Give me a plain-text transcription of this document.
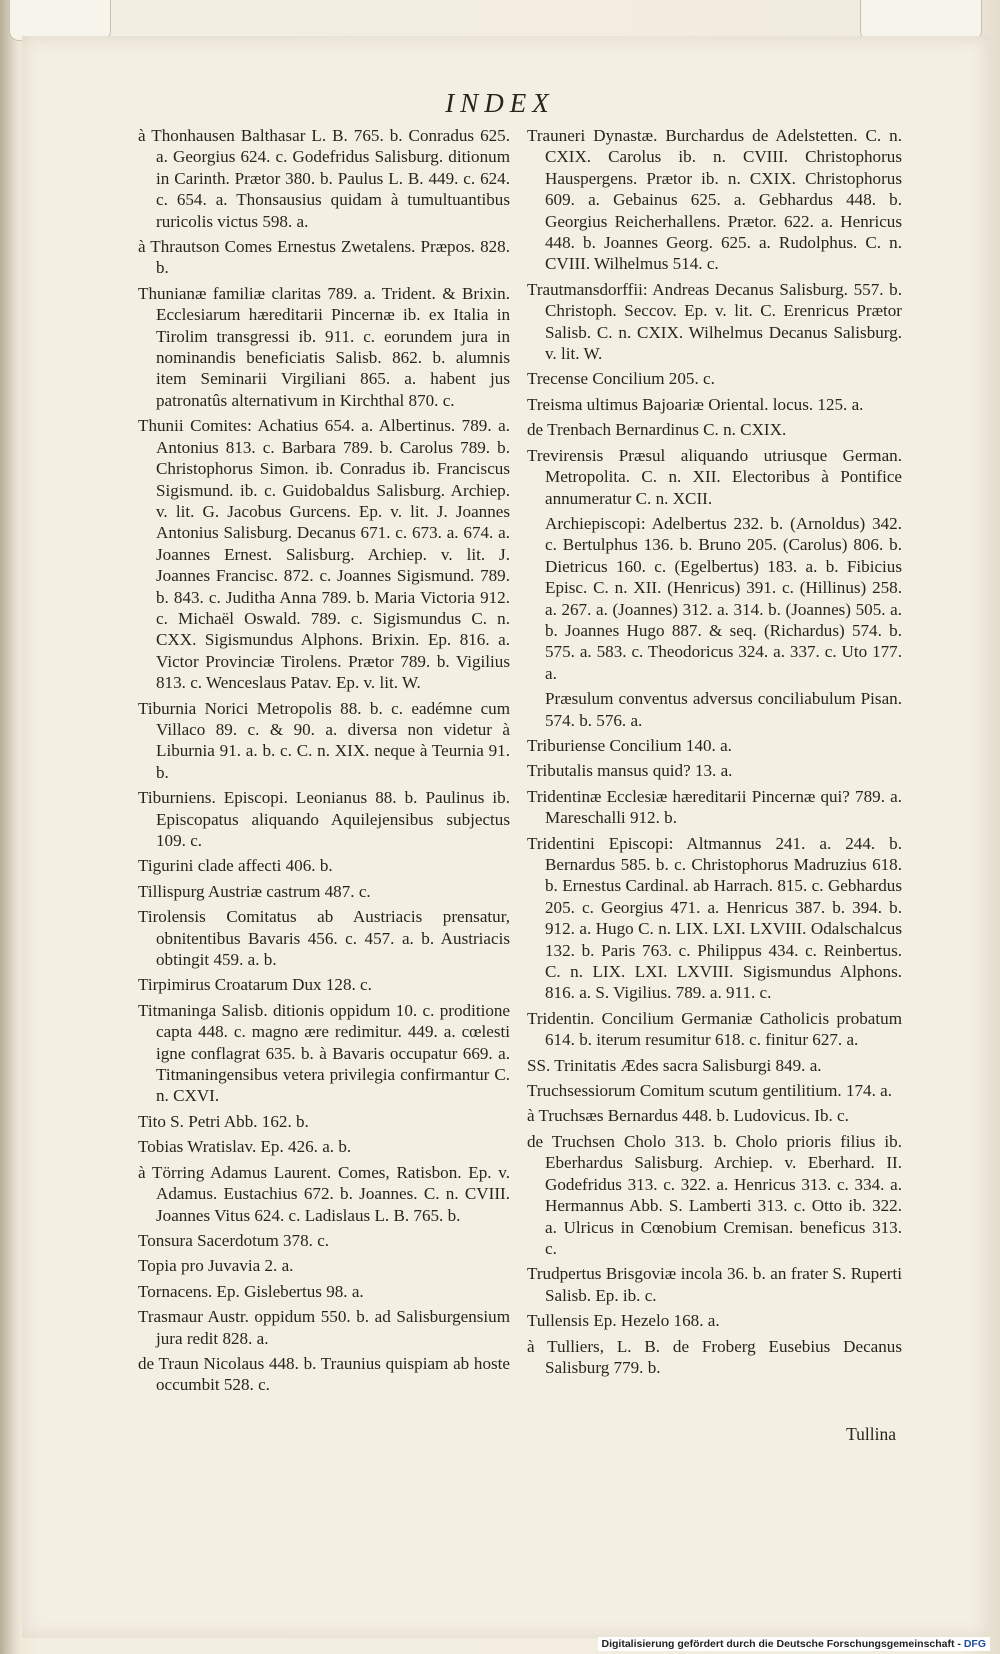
INDEX

à Thonhausen Balthasar L. B. 765. b. Conradus 625. a. Georgius 624. c. Godefridus Salisburg. ditionum in Carinth. Prætor 380. b. Paulus L. B. 449. c. 624. c. 654. a. Thonsausius quidam à tumultuantibus ruricolis victus 598. a.

à Thrautson Comes Ernestus Zwetalens. Præpos. 828. b.

Thunianæ familiæ claritas 789. a. Trident. & Brixin. Ecclesiarum hæreditarii Pincernæ ib. ex Italia in Tirolim transgressi ib. 911. c. eorundem jura in nominandis beneficiatis Salisb. 862. b. alumnis item Seminarii Virgiliani 865. a. habent jus patronatûs alternativum in Kirchthal 870. c.

Thunii Comites: Achatius 654. a. Albertinus. 789. a. Antonius 813. c. Barbara 789. b. Carolus 789. b. Christophorus Simon. ib. Conradus ib. Franciscus Sigismund. ib. c. Guidobaldus Salisburg. Archiep. v. lit. G. Jacobus Gurcens. Ep. v. lit. J. Joannes Antonius Salisburg. Decanus 671. c. 673. a. 674. a. Joannes Ernest. Salisburg. Archiep. v. lit. J. Joannes Francisc. 872. c. Joannes Sigismund. 789. b. 843. c. Juditha Anna 789. b. Maria Victoria 912. c. Michaël Oswald. 789. c. Sigismundus C. n. CXX. Sigismundus Alphons. Brixin. Ep. 816. a. Victor Provinciæ Tirolens. Prætor 789. b. Vigilius 813. c. Wenceslaus Patav. Ep. v. lit. W.

Tiburnia Norici Metropolis 88. b. c. eadémne cum Villaco 89. c. & 90. a. diversa non videtur à Liburnia 91. a. b. c. C. n. XIX. neque à Teurnia 91. b.

Tiburniens. Episcopi. Leonianus 88. b. Paulinus ib. Episcopatus aliquando Aquilejensibus subjectus 109. c.

Tigurini clade affecti 406. b.

Tillispurg Austriæ castrum 487. c.

Tirolensis Comitatus ab Austriacis prensatur, obnitentibus Bavaris 456. c. 457. a. b. Austriacis obtingit 459. a. b.

Tirpimirus Croatarum Dux 128. c.

Titmaninga Salisb. ditionis oppidum 10. c. proditione capta 448. c. magno ære redimitur. 449. a. cœlesti igne conflagrat 635. b. à Bavaris occupatur 669. a. Titmaningensibus vetera privilegia confirmantur C. n. CXVI.

Tito S. Petri Abb. 162. b.

Tobias Wratislav. Ep. 426. a. b.

à Törring Adamus Laurent. Comes, Ratisbon. Ep. v. Adamus. Eustachius 672. b. Joannes. C. n. CVIII. Joannes Vitus 624. c. Ladislaus L. B. 765. b.

Tonsura Sacerdotum 378. c.

Topia pro Juvavia 2. a.

Tornacens. Ep. Gislebertus 98. a.

Trasmaur Austr. oppidum 550. b. ad Salisburgensium jura redit 828. a.

de Traun Nicolaus 448. b. Traunius quispiam ab hoste occumbit 528. c.

Trauneri Dynastæ. Burchardus de Adelstetten. C. n. CXIX. Carolus ib. n. CVIII. Christophorus Hauspergens. Prætor ib. n. CXIX. Christophorus 609. a. Gebainus 625. a. Gebhardus 448. b. Georgius Reicherhallens. Prætor. 622. a. Henricus 448. b. Joannes Georg. 625. a. Rudolphus. C. n. CVIII. Wilhelmus 514. c.

Trautmansdorffii: Andreas Decanus Salisburg. 557. b. Christoph. Seccov. Ep. v. lit. C. Erenricus Prætor Salisb. C. n. CXIX. Wilhelmus Decanus Salisburg. v. lit. W.

Trecense Concilium 205. c.

Treisma ultimus Bajoariæ Oriental. locus. 125. a.

de Trenbach Bernardinus C. n. CXIX.

Trevirensis Præsul aliquando utriusque German. Metropolita. C. n. XII. Electoribus à Pontifice annumeratur C. n. XCII.

Archiepiscopi: Adelbertus 232. b. (Arnoldus) 342. c. Bertulphus 136. b. Bruno 205. (Carolus) 806. b. Dietricus 160. c. (Egelbertus) 183. a. b. Fibicius Episc. C. n. XII. (Henricus) 391. c. (Hillinus) 258. a. 267. a. (Joannes) 312. a. 314. b. (Joannes) 505. a. b. Joannes Hugo 887. & seq. (Richardus) 574. b. 575. a. 583. c. Theodoricus 324. a. 337. c. Uto 177. a.

Præsulum conventus adversus conciliabulum Pisan. 574. b. 576. a.

Triburiense Concilium 140. a.

Tributalis mansus quid? 13. a.

Tridentinæ Ecclesiæ hæreditarii Pincernæ qui? 789. a. Mareschalli 912. b.

Tridentini Episcopi: Altmannus 241. a. 244. b. Bernardus 585. b. c. Christophorus Madruzius 618. b. Ernestus Cardinal. ab Harrach. 815. c. Gebhardus 205. c. Georgius 471. a. Henricus 387. b. 394. b. 912. a. Hugo C. n. LIX. LXI. LXVIII. Odalschalcus 132. b. Paris 763. c. Philippus 434. c. Reinbertus. C. n. LIX. LXI. LXVIII. Sigismundus Alphons. 816. a. S. Vigilius. 789. a. 911. c.

Tridentin. Concilium Germaniæ Catholicis probatum 614. b. iterum resumitur 618. c. finitur 627. a.

SS. Trinitatis Ædes sacra Salisburgi 849. a.

Truchsessiorum Comitum scutum gentilitium. 174. a.

à Truchsæs Bernardus 448. b. Ludovicus. Ib. c.

de Truchsen Cholo 313. b. Cholo prioris filius ib. Eberhardus Salisburg. Archiep. v. Eberhard. II. Godefridus 313. c. 322. a. Henricus 313. c. 334. a. Hermannus Abb. S. Lamberti 313. c. Otto ib. 322. a. Ulricus in Cœnobium Cremisan. beneficus 313. c.

Trudpertus Brisgoviæ incola 36. b. an frater S. Ruperti Salisb. Ep. ib. c.

Tullensis Ep. Hezelo 168. a.

à Tulliers, L. B. de Froberg Eusebius Decanus Salisburg 779. b.

Tullina
Digitalisierung gefördert durch die Deutsche Forschungsgemeinschaft - DFG
